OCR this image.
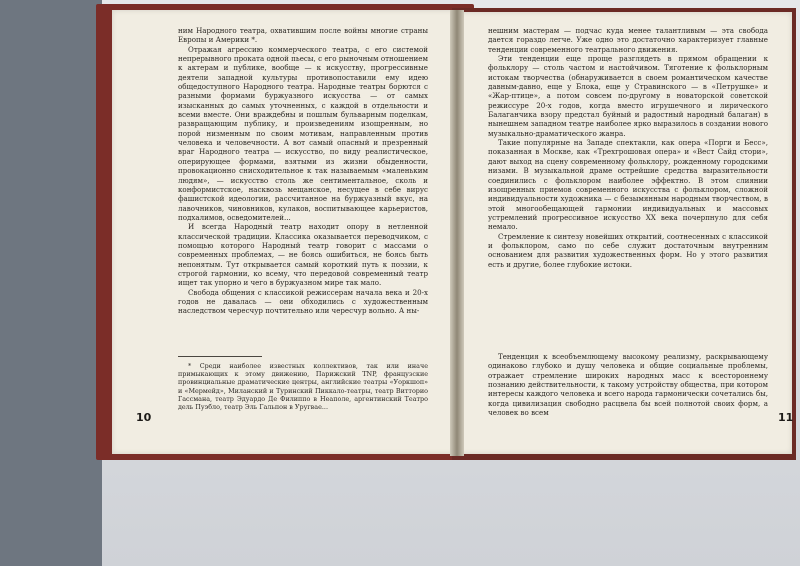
ним Народного театра, охватившим после войны многие страны Европы и Америки *.

Отражая агрессию коммерческого театра, с его системой непрерывного проката одной пьесы, с его рыночным отношением к актерам и публике, вообще — к искусству, прогрессивные деятели западной культуры противопоставили ему идею общедоступного Народного театра. Народные театры борются с разными формами буржуазного искусства — от самых изысканных до самых уточненных, с каждой в отдельности и всеми вместе. Они враждебны и пошлым бульварным поделкам, развращающим публику, и произведениям изощренным, но порой низменным по своим мотивам, направленным против человека и человечности. А вот самый опасный и презренный враг Народного театра — искусство, по виду реалистическое, оперирующее формами, взятыми из жизни обыденности, провокационно снисходительное к так называемым «маленьким людям», — искусство столь же сентиментальное, сколь и конформистское, насквозь мещанское, несущее в себе вирус фашистской идеологии, рассчитанное на буржуазный вкус, на лавочников, чиновников, кулаков, воспитывающее карьеристов, подхалимов, осведомителей...

И всегда Народный театр находит опору в нетленной классической традиции. Классика оказывается переводчиком, с помощью которого Народный театр говорит с массами о современных проблемах, — не боясь ошибиться, не боясь быть непонятым. Тут открывается самый короткий путь к поэзии, к строгой гармонии, ко всему, что передовой современный театр ищет так упорно и чего в буржуазном мире так мало.

Свобода общения с классикой режиссерам начала века и 20-х годов не давалась — они обходились с художественным наследством чересчур почтительно или чересчур вольно. А ны-

* Среди наиболее известных коллективов, так или иначе примыкающих к этому движению, Парижский TNP, французские провинциальные драматические центры, английские театры «Уоркшоп» и «Мермейд», Миланский и Туринский Пиккало-театры, театр Витторио Гассмана, театр Эдуардо Де Филиппо в Неаполе, аргентинский Театро дель Пуэбло, театр Эль Гальпон в Уругвае...

10

нешним мастерам — подчас куда менее талантливым — эта свобода дается гораздо легче. Уже одно это достаточно характеризует главные тенденции современного театрального движения.

Эти тенденции еще проще разглядеть в прямом обращении к фольклору — столь частом и настойчивом. Тяготение к фольклорным истокам творчества (обнаруживается в своем романтическом качестве давным-давно, еще у Блока, еще у Стравинского — в «Петрушке» и «Жар-птице», а потом совсем по-другому в новаторской советской режиссуре 20-х годов, когда вместо игрушечного и лирического Балаганчика взору предстал буйный и радостный народный балаган) в нынешнем западном театре наиболее ярко выразилось в создании нового музыкально-драматического жанра.

Такие популярные на Западе спектакли, как опера «Порги и Бесс», показанная в Москве, как «Трехгрошовая опера» и «Вест Сайд стори», дают выход на сцену современному фольклору, рожденному городскими низами. В музыкальной драме острейшие средства выразительности соединились с фольклором наиболее эффектно. В этом слиянии изощренных приемов современного искусства с фольклором, сложной индивидуальности художника — с безымянным народным творчеством, в этой многообещающей гармонии индивидуальных и массовых устремлений прогрессивное искусство XX века почерпнуло для себя немало.

Стремление к синтезу новейших открытий, соотнесенных с классикой и фольклором, само по себе служит достаточным внутренним основанием для развития художественных форм. Но у этого развития есть и другие, более глубокие истоки.

Тенденция к всеобъемлющему высокому реализму, раскрывающему одинаково глубоко и душу человека и общие социальные проблемы, отражает стремление широких народных масс к всестороннему познанию действительности, к такому устройству общества, при котором интересы каждого человека и всего народа гармонически сочетались бы, когда цивилизация свободно расцвела бы всей полнотой своих форм, а человек во всем	11
